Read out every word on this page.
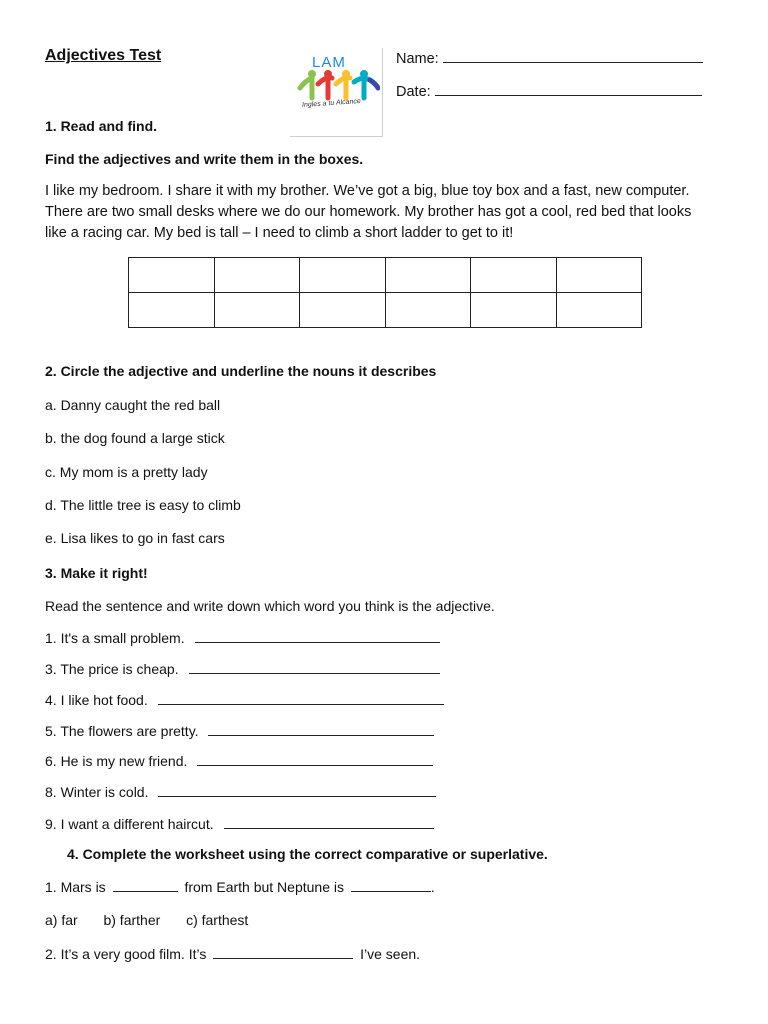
Adjectives Test	LAM
Ingles a tu Alcance
Name:
Date:
1. Read and find.
Find the adjectives and write them in the boxes.
I like my bedroom. I share it with my brother. We’ve got a big, blue toy box and a fast, new computer.
There are two small desks where we do our homework. My brother has got a cool, red bed that looks
like a racing car. My bed is tall – I need to climb a short ladder to get to it!

2. Circle the adjective and underline the nouns it describes
a. Danny caught the red ball
b. the dog found a large stick
c. My mom is a pretty lady
d. The little tree is easy to climb
e. Lisa likes to go in fast cars
3. Make it right!
Read the sentence and write down which word you think is the adjective.
1. It's a small problem.
3. The price is cheap.
4. I like hot food.
5. The flowers are pretty.
6. He is my new friend.
8. Winter is cold.
9. I want a different haircut.
4. Complete the worksheet using the correct comparative or superlative.
1. Mars is	from Earth but Neptune is	.
a) far b) farther c) farthest
2. It’s a very good film. It’s	I’ve seen.
